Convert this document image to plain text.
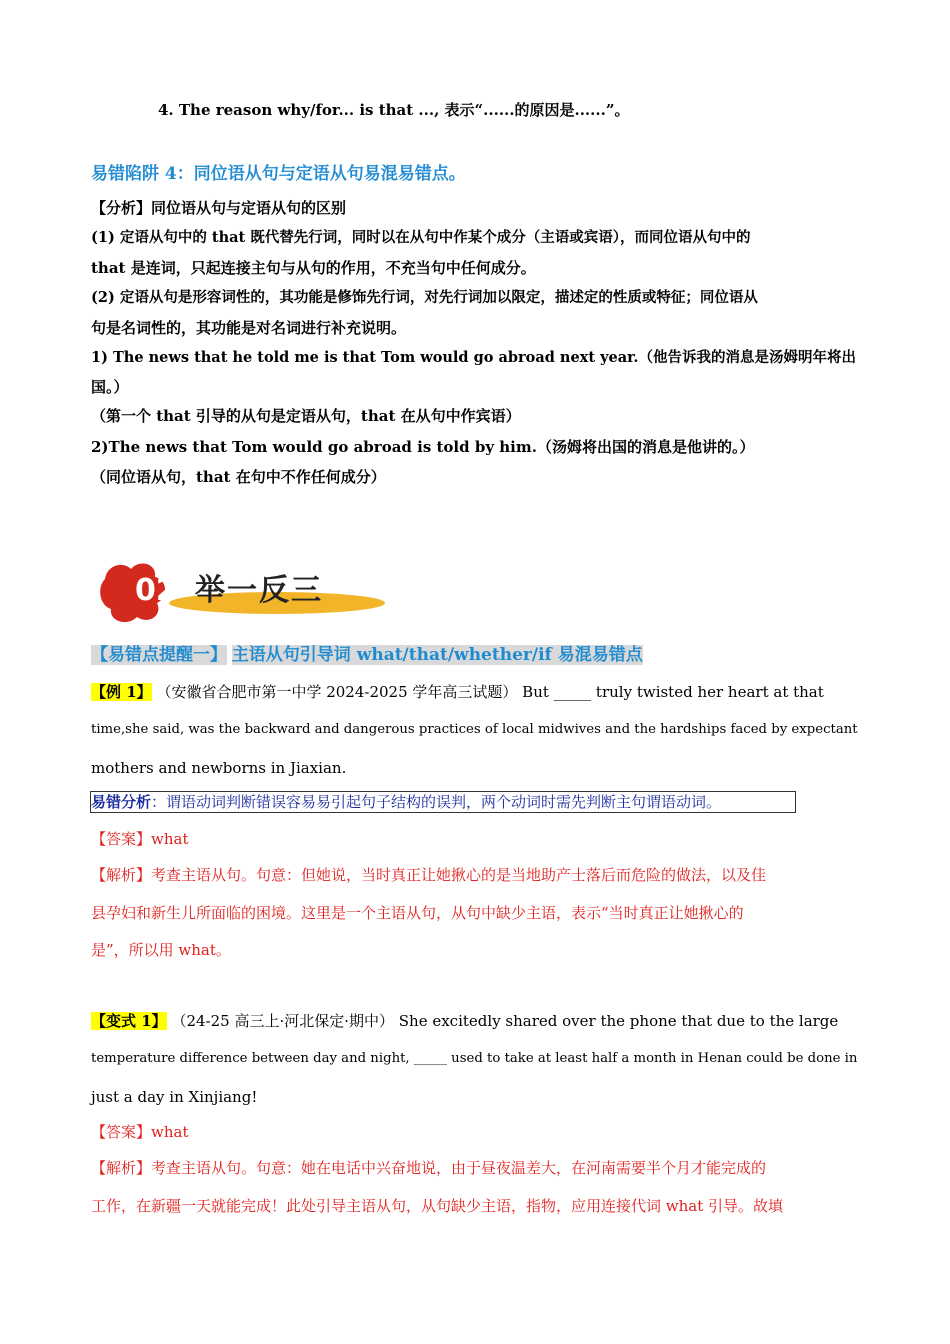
4. The reason why/for... is that ..., 表示“......的原因是......”。
易错陷阱 4：同位语从句与定语从句易混易错点。
【分析】同位语从句与定语从句的区别
(1) 定语从句中的 that 既代替先行词，同时以在从句中作某个成分（主语或宾语），而同位语从句中的
that 是连词，只起连接主句与从句的作用，不充当句中任何成分。
(2) 定语从句是形容词性的，其功能是修饰先行词，对先行词加以限定，描述定的性质或特征；同位语从
句是名词性的，其功能是对名词进行补充说明。
1) The news that he told me is that Tom would go abroad next year.（他告诉我的消息是汤姆明年将出
国。）
（第一个 that 引导的从句是定语从句，that 在从句中作宾语）
2)The news that Tom would go abroad is told by him.（汤姆将出国的消息是他讲的。）
（同位语从句，that 在句中不作任何成分）
02 举一反三
【易错点提醒一】 主语从句引导词 what/that/whether/if 易混易错点
【例 1】 （安徽省合肥市第一中学 2024-2025 学年高三试题） But _____ truly twisted her heart at that
time,she said, was the backward and dangerous practices of local midwives and the hardships faced by expectant
mothers and newborns in Jiaxian.
易错分析：谓语动词判断错误容易易引起句子结构的误判，两个动词时需先判断主句谓语动词。
【答案】what
【解析】考查主语从句。句意：但她说，当时真正让她揪心的是当地助产士落后而危险的做法，以及佳
县孕妇和新生儿所面临的困境。这里是一个主语从句，从句中缺少主语，表示“当时真正让她揪心的
是”，所以用 what。
【变式 1】 （24-25 高三上·河北保定·期中） She excitedly shared over the phone that due to the large
temperature difference between day and night, _____ used to take at least half a month in Henan could be done in
just a day in Xinjiang!
【答案】what
【解析】考查主语从句。句意：她在电话中兴奋地说，由于昼夜温差大，在河南需要半个月才能完成的
工作，在新疆一天就能完成！此处引导主语从句，从句缺少主语，指物，应用连接代词 what 引导。故填
